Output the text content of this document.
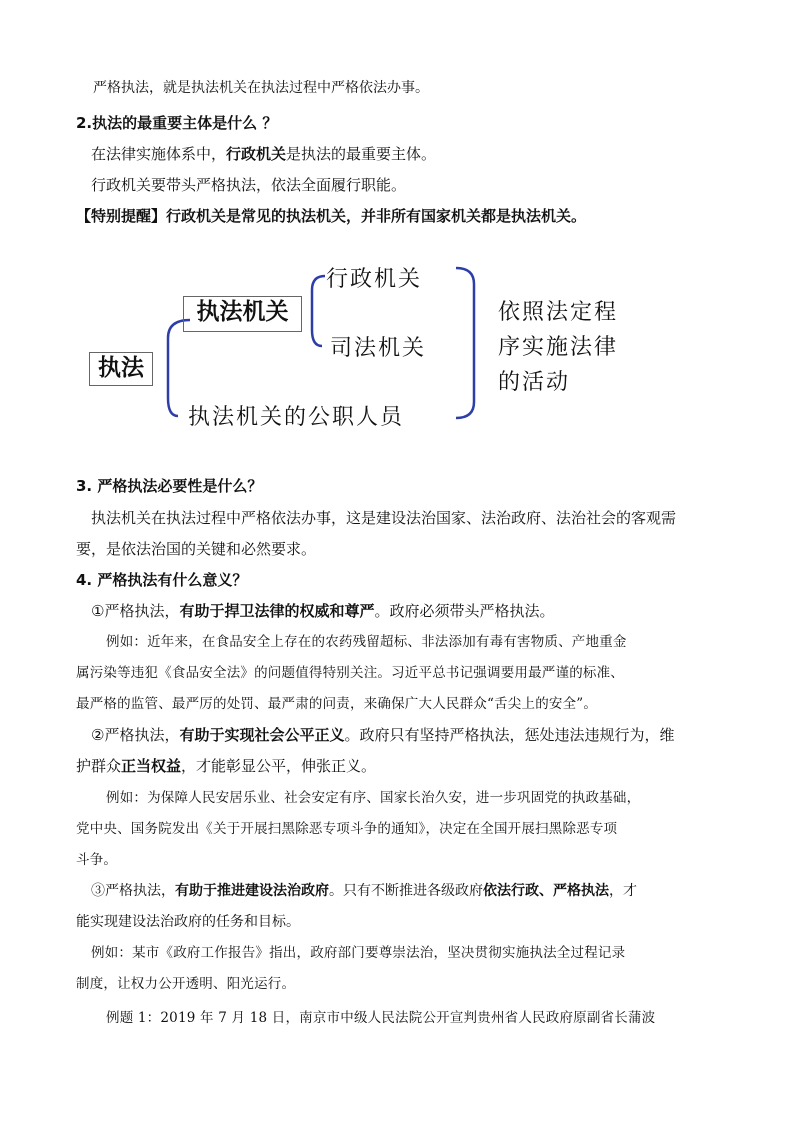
严格执法，就是执法机关在执法过程中严格依法办事。
2.执法的最重要主体是什么 ？
在法律实施体系中，行政机关是执法的最重要主体。
行政机关要带头严格执法，依法全面履行职能。
【特别提醒】行政机关是常见的执法机关，并非所有国家机关都是执法机关。
执法
执法机关
行政机关
司法机关
执法机关的公职人员
依照法定程
序实施法律
的活动
3. 严格执法必要性是什么？
执法机关在执法过程中严格依法办事，这是建设法治国家、法治政府、法治社会的客观需
要，是依法治国的关键和必然要求。
4. 严格执法有什么意义？
①严格执法，有助于捍卫法律的权威和尊严。政府必须带头严格执法。
例如：近年来，在食品安全上存在的农药残留超标、非法添加有毒有害物质、产地重金
属污染等违犯《食品安全法》的问题值得特别关注。习近平总书记强调要用最严谨的标准、
最严格的监管、最严厉的处罚、最严肃的问责，来确保广大人民群众“舌尖上的安全”。
②严格执法，有助于实现社会公平正义。政府只有坚持严格执法，惩处违法违规行为，维
护群众正当权益，才能彰显公平，伸张正义。
例如：为保障人民安居乐业、社会安定有序、国家长治久安，进一步巩固党的执政基础，
党中央、国务院发出《关于开展扫黑除恶专项斗争的通知》，决定在全国开展扫黑除恶专项
斗争。
③严格执法，有助于推进建设法治政府。只有不断推进各级政府依法行政、严格执法，才
能实现建设法治政府的任务和目标。
例如：某市《政府工作报告》指出，政府部门要尊崇法治，坚决贯彻实施执法全过程记录
制度，让权力公开透明、阳光运行。
例题 1：2019 年 7 月 18 日，南京市中级人民法院公开宣判贵州省人民政府原副省长蒲波
